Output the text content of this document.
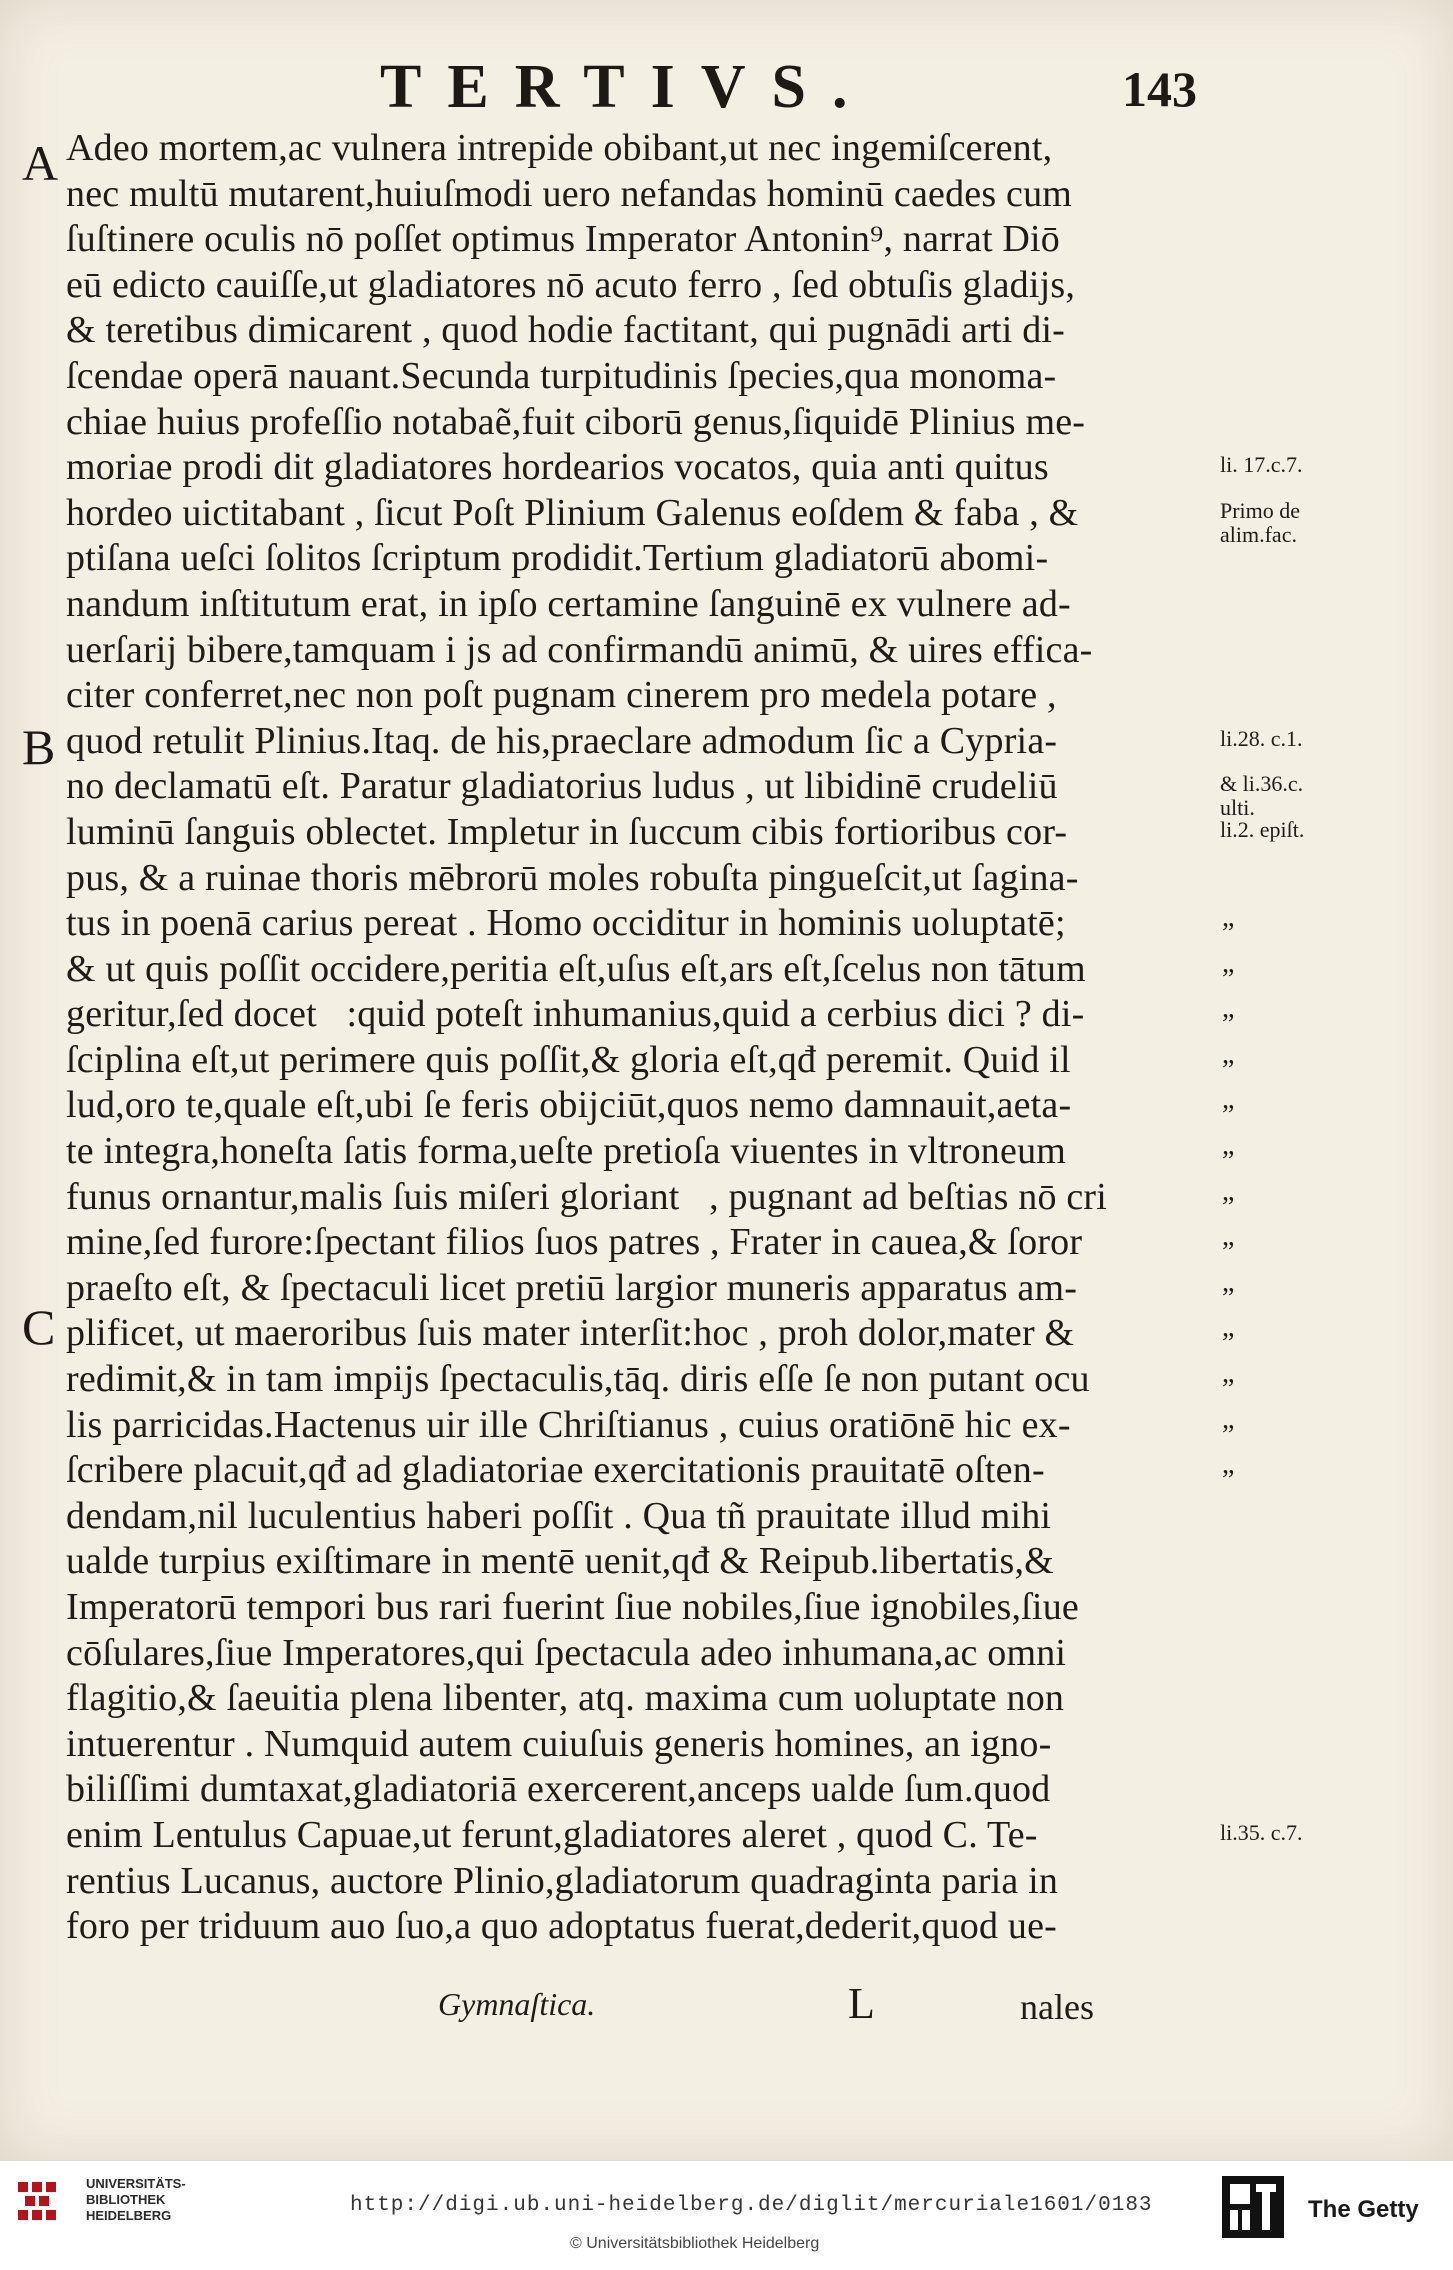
TERTIVS.	143
A
B
C
Adeo mortem,ac vulnera intrepide obibant,ut nec ingemiſcerent,
nec multū mutarent,huiuſmodi uero nefandas hominū caedes cum
ſuſtinere oculis nō poſſet optimus Imperator Antonin⁹, narrat Diō
eū edicto cauiſſe,ut gladiatores nō acuto ferro , ſed obtuſis gladijs,
& teretibus dimicarent , quod hodie factitant, qui pugnādi arti di-
ſcendae operā nauant.Secunda turpitudinis ſpecies,qua monoma-
chiae huius profeſſio notabaẽ,fuit ciborū genus,ſiquidē Plinius me-
moriae prodi dit gladiatores hordearios vocatos, quia anti quitus
hordeo uictitabant , ſicut Poſt Plinium Galenus eoſdem & faba , &
ptiſana ueſci ſolitos ſcriptum prodidit.Tertium gladiatorū abomi-
nandum inſtitutum erat, in ipſo certamine ſanguinē ex vulnere ad-
uerſarij bibere,tamquam i js ad confirmandū animū, & uires effica-
citer conferret,nec non poſt pugnam cinerem pro medela potare ,
quod retulit Plinius.Itaq. de his,praeclare admodum ſic a Cypria-
no declamatū eſt. Paratur gladiatorius ludus , ut libidinē crudeliū
luminū ſanguis oblectet. Impletur in ſuccum cibis fortioribus cor-
pus, & a ruinae thoris mēbrorū moles robuſta pingueſcit,ut ſagina-
tus in poenā carius pereat . Homo occiditur in hominis uoluptatē;
& ut quis poſſit occidere,peritia eſt,uſus eſt,ars eſt,ſcelus non tātum
geritur,ſed docetᷣ:quid poteſt inhumanius,quid a cerbius dici ? di-
ſciplina eſt,ut perimere quis poſſit,& gloria eſt,qđ peremit. Quid il
lud,oro te,quale eſt,ubi ſe feris obijciūt,quos nemo damnauit,aeta-
te integra,honeſta ſatis forma,ueſte pretioſa viuentes in vltroneum
funus ornantur,malis ſuis miſeri gloriantᷣ, pugnant ad beſtias nō cri
mine,ſed furore:ſpectant filios ſuos patres , Frater in cauea,& ſoror
praeſto eſt, & ſpectaculi licet pretiū largior muneris apparatus am-
plificet, ut maeroribus ſuis mater interſit:hoc , proh dolor,mater &
redimit,& in tam impijs ſpectaculis,tāq. diris eſſe ſe non putant ocu
lis parricidas.Hactenus uir ille Chriſtianus , cuius oratiōnē hic ex-
ſcribere placuit,qđ ad gladiatoriae exercitationis prauitatē oſten-
dendam,nil luculentius haberi poſſit . Qua tñ prauitate illud mihi
ualde turpius exiſtimare in mentē uenit,qđ & Reipub.libertatis,&
Imperatorū tempori bus rari fuerint ſiue nobiles,ſiue ignobiles,ſiue
cōſulares,ſiue Imperatores,qui ſpectacula adeo inhumana,ac omni
flagitio,& ſaeuitia plena libenter, atq. maxima cum uoluptate non
intuerentur . Numquid autem cuiuſuis generis homines, an igno-
biliſſimi dumtaxat,gladiatoriā exercerent,anceps ualde ſum.quod
enim Lentulus Capuae,ut ferunt,gladiatores aleret , quod C. Te-
rentius Lucanus, auctore Plinio,gladiatorum quadraginta paria in
foro per triduum auo ſuo,a quo adoptatus fuerat,dederit,quod ue-
„
„
„
„
„
„
„
„
„
„
„
„
„
li. 17.c.7.
Primo de
alim.fac.
li.28. c.1.
& li.36.c.
ulti.
li.2. epiſt.
li.35. c.7.
Gymnaſtica.	L	nales
UNIVERSITÄTS-
BIBLIOTHEK
HEIDELBERG	http://digi.ub.uni-heidelberg.de/diglit/mercuriale1601/0183
© Universitätsbibliothek Heidelberg
The Getty
